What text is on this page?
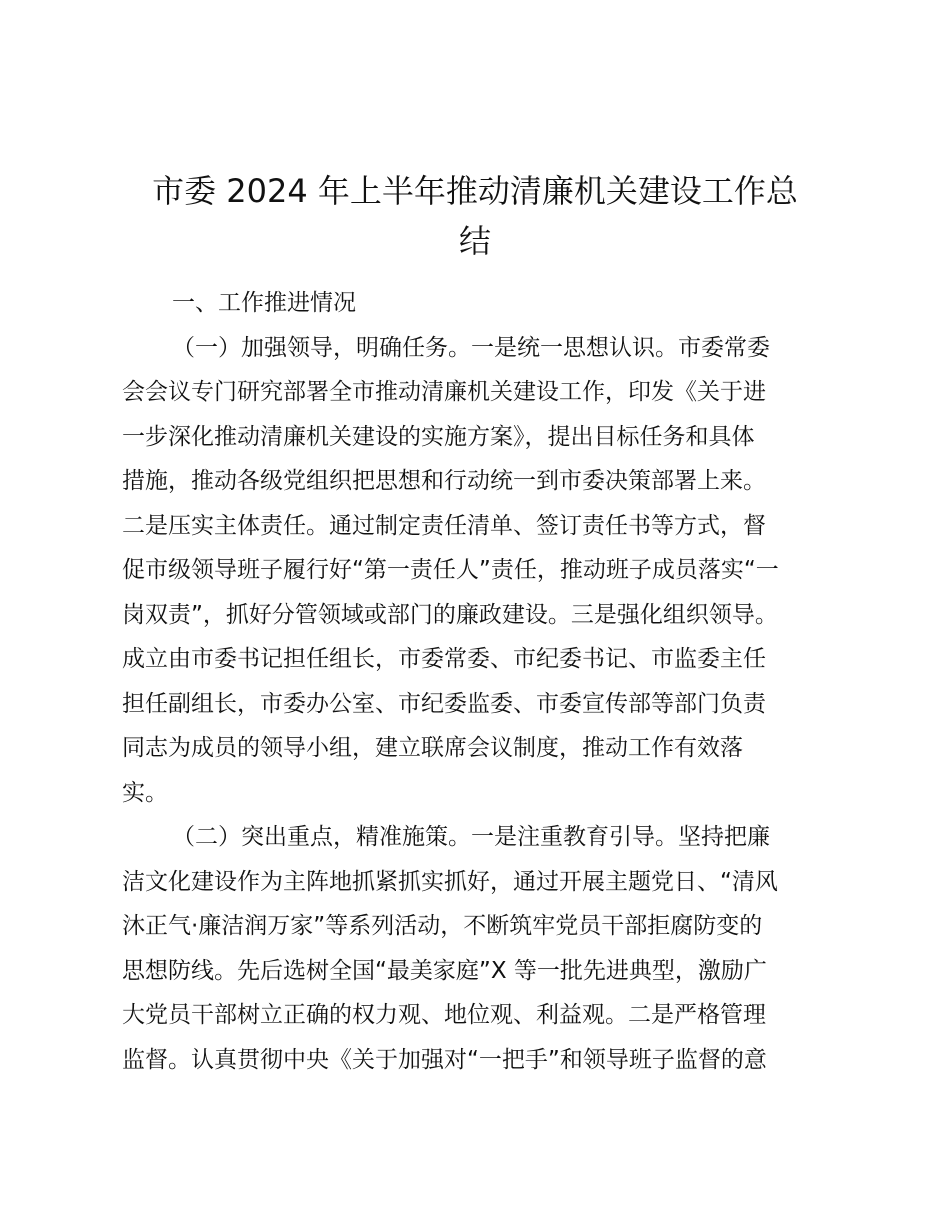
市委 2024 年上半年推动清廉机关建设工作总
结
一、工作推进情况
（一）加强领导，明确任务。一是统一思想认识。市委常委
会会议专门研究部署全市推动清廉机关建设工作，印发《关于进
一步深化推动清廉机关建设的实施方案》，提出目标任务和具体
措施，推动各级党组织把思想和行动统一到市委决策部署上来。
二是压实主体责任。通过制定责任清单、签订责任书等方式，督
促市级领导班子履行好“第一责任人”责任，推动班子成员落实“一
岗双责”，抓好分管领域或部门的廉政建设。三是强化组织领导。
成立由市委书记担任组长，市委常委、市纪委书记、市监委主任
担任副组长，市委办公室、市纪委监委、市委宣传部等部门负责
同志为成员的领导小组，建立联席会议制度，推动工作有效落
实。
（二）突出重点，精准施策。一是注重教育引导。坚持把廉
洁文化建设作为主阵地抓紧抓实抓好，通过开展主题党日、“清风
沐正气·廉洁润万家”等系列活动，不断筑牢党员干部拒腐防变的
思想防线。先后选树全国“最美家庭”X 等一批先进典型，激励广
大党员干部树立正确的权力观、地位观、利益观。二是严格管理
监督。认真贯彻中央《关于加强对“一把手”和领导班子监督的意
